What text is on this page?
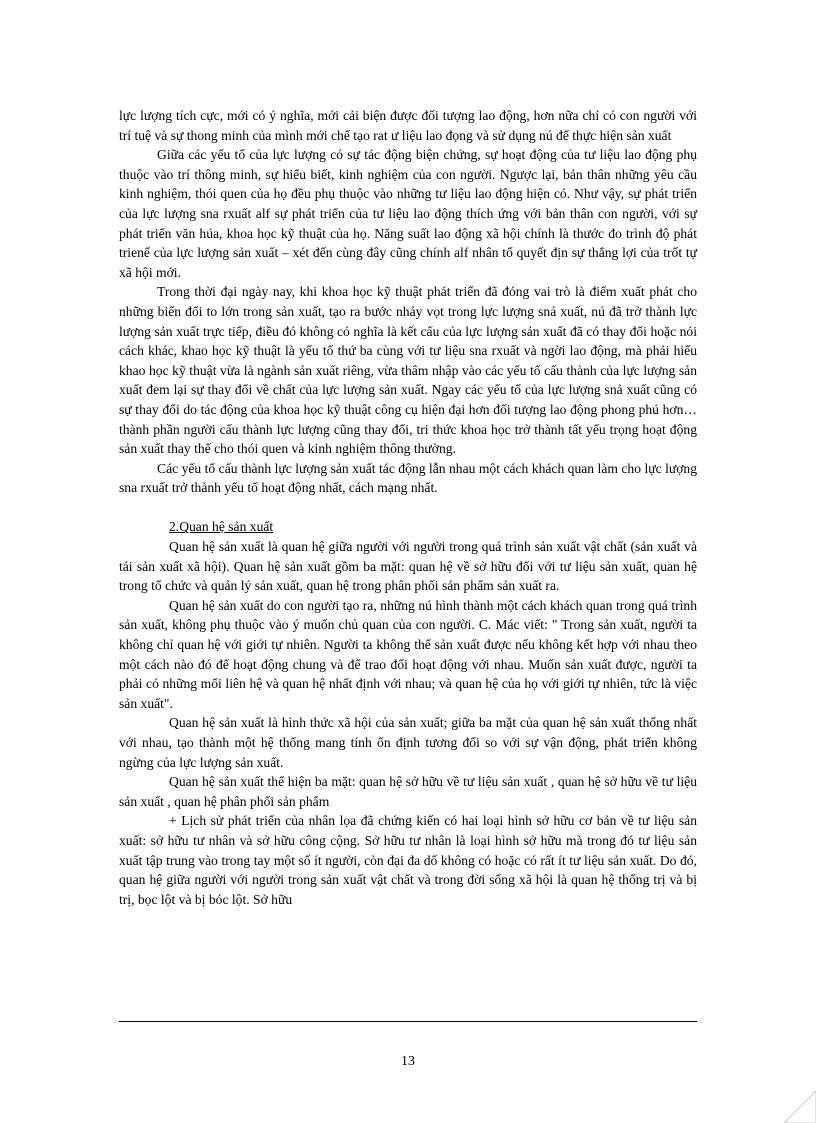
lực lượng tích cực, mới có ý nghĩa, mới cải biện được đối tượng lao động, hơn nữa chỉ có con người với trí tuệ và sự thong minh của mình mới chế tạo rat ư liệu lao đọng và sử dụng nú để thực hiện sản xuất

Giữa các yếu tố của lực lượng có sự tác động biện chứng, sự hoạt động của tư liệu lao động phụ thuộc vào trí thông minh, sự hiểu biết, kinh nghiệm của con người. Ngược lại, bản thân những yêu cầu kinh nghiệm, thói quen của họ đều phụ thuộc vào những tư liệu lao động hiện có. Như vậy, sự phát triển của lực lượng sna rxuất alf sự phát triển của tư liệu lao động thích ứng với bản thân con người, với sự phát triển văn húa, khoa học kỹ thuật của họ. Năng suất lao động xã hội chính là thước đo trình độ phát trienể của lực lượng sản xuất – xét đến cùng đây cũng chính alf nhân tố quyết địn sự thắng lợi của trốt tự xã hội mới.

Trong thời đại ngày nay, khi khoa học kỹ thuật phát triển đã đóng vai trò là điểm xuất phát cho những biến đổi to lớn trong sản xuất, tạo ra bước nhảy vọt trong lực lượng snả xuất, nú đã trở thành lực lượng sản xuất trực tiếp, điều đó không có nghĩa là kết cấu của lực lượng sản xuất đã có thay đổi hoặc nói cách khác, khao học kỹ thuật là yếu tố thứ ba cùng với tư liệu sna rxuất và ngời lao động, mà phải hiểu khao học kỹ thuật vừa là ngành sản xuất riêng, vừa thâm nhập vào các yếu tố cấu thành của lực lượng sản xuất đem lại sự thay đổi về chất của lực lượng sản xuất. Ngay các yếu tố của lực lượng snả xuất cũng có sự thay đổi do tác động của khoa học kỹ thuật công cụ hiện đại hơn đối tượng lao động phong phú hơn… thành phần người cấu thành lực lượng cũng thay đổi, tri thức khoa học trở thành tất yếu trọng hoạt động sản xuất thay thế cho thói quen và kinh nghiệm thông thường.

Các yếu tố cấu thành lực lượng sản xuất tác động lẫn nhau một cách khách quan làm cho lực lượng sna rxuất trở thành yếu tố hoạt động nhất, cách mạng nhất.

2.Quan hệ sản xuất

Quan hệ sản xuất là quan hệ giữa người với người trong quá trình sản xuất vật chất (sản xuất và tái sản xuất xã hội). Quan hệ sản xuất gồm ba mặt: quan hệ về sở hữu đối với tư liệu sản xuất, quan hệ trong tổ chức và quản lý sản xuất, quan hệ trong phân phối sản phẩm sản xuất ra.

Quan hệ sản xuất do con người tạo ra, những nú hình thành một cách khách quan trong quá trình sản xuất, không phụ thuộc vào ý muốn chủ quan của con người. C. Mác viết: " Trong sản xuất, người ta không chỉ quan hệ với giới tự nhiên. Người ta không thể sản xuất được nếu không kết hợp với nhau theo một cách nào đó để hoạt động chung và để trao đổi hoạt động với nhau. Muốn sản xuất được, người ta phải có những mối liên hệ và quan hệ nhất định với nhau; và quan hệ của họ với giới tự nhiên, tức là việc sản xuất".

Quan hệ sản xuất là hình thức xã hội của sản xuất; giữa ba mặt của quan hệ sản xuất thống nhất với nhau, tạo thành một hệ thống mang tính ổn định tương đối so với sự vận động, phát triển không ngừng của lực lượng sản xuất.

Quan hệ sản xuất thể hiện ba mặt: quan hệ sở hữu về tư liệu sản xuất , quan hệ sở hữu về tư liệu sản xuất , quan hệ phân phối sản phẩm

+ Lịch sử phát triển của nhân lọa đã chứng kiến có hai loại hình sở hữu cơ bản về tư liệu sản xuất: sở hữu tư nhân và sở hữu công cộng. Sở hữu tư nhân là loại hình sở hữu mà trong đó tư liệu sản xuất tập trung vào trong tay một số ít người, còn đại đa dố không có hoặc có rất ít tư liệu sản xuất. Do đó, quan hệ giữa người với người trong sản xuất vật chất và trong đời sống xã hội là quan hệ thống trị và bị trị, bọc lột và bị bóc lột. Sở hữu

13
